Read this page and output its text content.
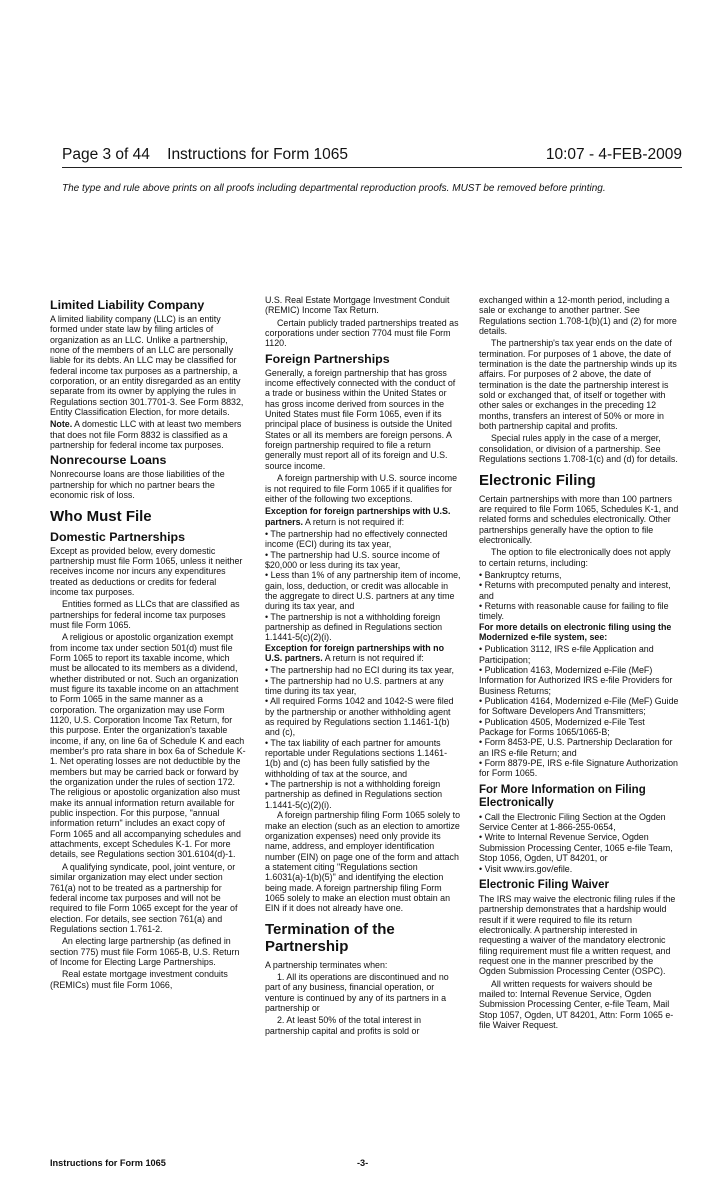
Page 3 of 44    Instructions for Form 1065	10:07 - 4-FEB-2009
The type and rule above prints on all proofs including departmental reproduction proofs. MUST be removed before printing.
Limited Liability Company

A limited liability company (LLC) is an entity formed under state law by filing articles of organization as an LLC. Unlike a partnership, none of the members of an LLC are personally liable for its debts. An LLC may be classified for federal income tax purposes as a partnership, a corporation, or an entity disregarded as an entity separate from its owner by applying the rules in Regulations section 301.7701-3. See Form 8832, Entity Classification Election, for more details.

Note. A domestic LLC with at least two members that does not file Form 8832 is classified as a partnership for federal income tax purposes.

Nonrecourse Loans

Nonrecourse loans are those liabilities of the partnership for which no partner bears the economic risk of loss.

Who Must File
Domestic Partnerships

Except as provided below, every domestic partnership must file Form 1065, unless it neither receives income nor incurs any expenditures treated as deductions or credits for federal income tax purposes.

Entities formed as LLCs that are classified as partnerships for federal income tax purposes must file Form 1065.

A religious or apostolic organization exempt from income tax under section 501(d) must file Form 1065 to report its taxable income, which must be allocated to its members as a dividend, whether distributed or not. Such an organization must figure its taxable income on an attachment to Form 1065 in the same manner as a corporation. The organization may use Form 1120, U.S. Corporation Income Tax Return, for this purpose. Enter the organization's taxable income, if any, on line 6a of Schedule K and each member's pro rata share in box 6a of Schedule K-1. Net operating losses are not deductible by the members but may be carried back or forward by the organization under the rules of section 172. The religious or apostolic organization also must make its annual information return available for public inspection. For this purpose, "annual information return" includes an exact copy of Form 1065 and all accompanying schedules and attachments, except Schedules K-1. For more details, see Regulations section 301.6104(d)-1.

A qualifying syndicate, pool, joint venture, or similar organization may elect under section 761(a) not to be treated as a partnership for federal income tax purposes and will not be required to file Form 1065 except for the year of election. For details, see section 761(a) and Regulations section 1.761-2.

An electing large partnership (as defined in section 775) must file Form 1065-B, U.S. Return of Income for Electing Large Partnerships.

Real estate mortgage investment conduits (REMICs) must file Form 1066,

U.S. Real Estate Mortgage Investment Conduit (REMIC) Income Tax Return.

Certain publicly traded partnerships treated as corporations under section 7704 must file Form 1120.

Foreign Partnerships

Generally, a foreign partnership that has gross income effectively connected with the conduct of a trade or business within the United States or has gross income derived from sources in the United States must file Form 1065, even if its principal place of business is outside the United States or all its members are foreign persons. A foreign partnership required to file a return generally must report all of its foreign and U.S. source income.

A foreign partnership with U.S. source income is not required to file Form 1065 if it qualifies for either of the following two exceptions.

Exception for foreign partnerships with U.S. partners. A return is not required if:

• The partnership had no effectively connected income (ECI) during its tax year,

• The partnership had U.S. source income of $20,000 or less during its tax year,

• Less than 1% of any partnership item of income, gain, loss, deduction, or credit was allocable in the aggregate to direct U.S. partners at any time during its tax year, and

• The partnership is not a withholding foreign partnership as defined in Regulations section 1.1441-5(c)(2)(i).

Exception for foreign partnerships with no U.S. partners. A return is not required if:

• The partnership had no ECI during its tax year,

• The partnership had no U.S. partners at any time during its tax year,

• All required Forms 1042 and 1042-S were filed by the partnership or another withholding agent as required by Regulations section 1.1461-1(b) and (c),

• The tax liability of each partner for amounts reportable under Regulations sections 1.1461-1(b) and (c) has been fully satisfied by the withholding of tax at the source, and

• The partnership is not a withholding foreign partnership as defined in Regulations section 1.1441-5(c)(2)(i).

A foreign partnership filing Form 1065 solely to make an election (such as an election to amortize organization expenses) need only provide its name, address, and employer identification number (EIN) on page one of the form and attach a statement citing "Regulations section 1.6031(a)-1(b)(5)" and identifying the election being made. A foreign partnership filing Form 1065 solely to make an election must obtain an EIN if it does not already have one.

Termination of the Partnership

A partnership terminates when:

1. All its operations are discontinued and no part of any business, financial operation, or venture is continued by any of its partners in a partnership or

2. At least 50% of the total interest in partnership capital and profits is sold or

exchanged within a 12-month period, including a sale or exchange to another partner. See Regulations section 1.708-1(b)(1) and (2) for more details.

The partnership's tax year ends on the date of termination. For purposes of 1 above, the date of termination is the date the partnership winds up its affairs. For purposes of 2 above, the date of termination is the date the partnership interest is sold or exchanged that, of itself or together with other sales or exchanges in the preceding 12 months, transfers an interest of 50% or more in both partnership capital and profits.

Special rules apply in the case of a merger, consolidation, or division of a partnership. See Regulations sections 1.708-1(c) and (d) for details.

Electronic Filing

Certain partnerships with more than 100 partners are required to file Form 1065, Schedules K-1, and related forms and schedules electronically. Other partnerships generally have the option to file electronically.

The option to file electronically does not apply to certain returns, including:

• Bankruptcy returns,

• Returns with precomputed penalty and interest, and

• Returns with reasonable cause for failing to file timely.

For more details on electronic filing using the Modernized e-file system, see:

• Publication 3112, IRS e-file Application and Participation;

• Publication 4163, Modernized e-File (MeF) Information for Authorized IRS e-file Providers for Business Returns;

• Publication 4164, Modernized e-File (MeF) Guide for Software Developers And Transmitters;

• Publication 4505, Modernized e-File Test Package for Forms 1065/1065-B;

• Form 8453-PE, U.S. Partnership Declaration for an IRS e-file Return; and

• Form 8879-PE, IRS e-file Signature Authorization for Form 1065.

For More Information on Filing Electronically

• Call the Electronic Filing Section at the Ogden Service Center at 1-866-255-0654,

• Write to Internal Revenue Service, Ogden Submission Processing Center, 1065 e-file Team, Stop 1056, Ogden, UT 84201, or

• Visit www.irs.gov/efile.

Electronic Filing Waiver

The IRS may waive the electronic filing rules if the partnership demonstrates that a hardship would result if it were required to file its return electronically. A partnership interested in requesting a waiver of the mandatory electronic filing requirement must file a written request, and request one in the manner prescribed by the Ogden Submission Processing Center (OSPC).

All written requests for waivers should be mailed to: Internal Revenue Service, Ogden Submission Processing Center, e-file Team, Mail Stop 1057, Ogden, UT 84201, Attn: Form 1065 e-file Waiver Request.

Instructions for Form 1065	-3-
